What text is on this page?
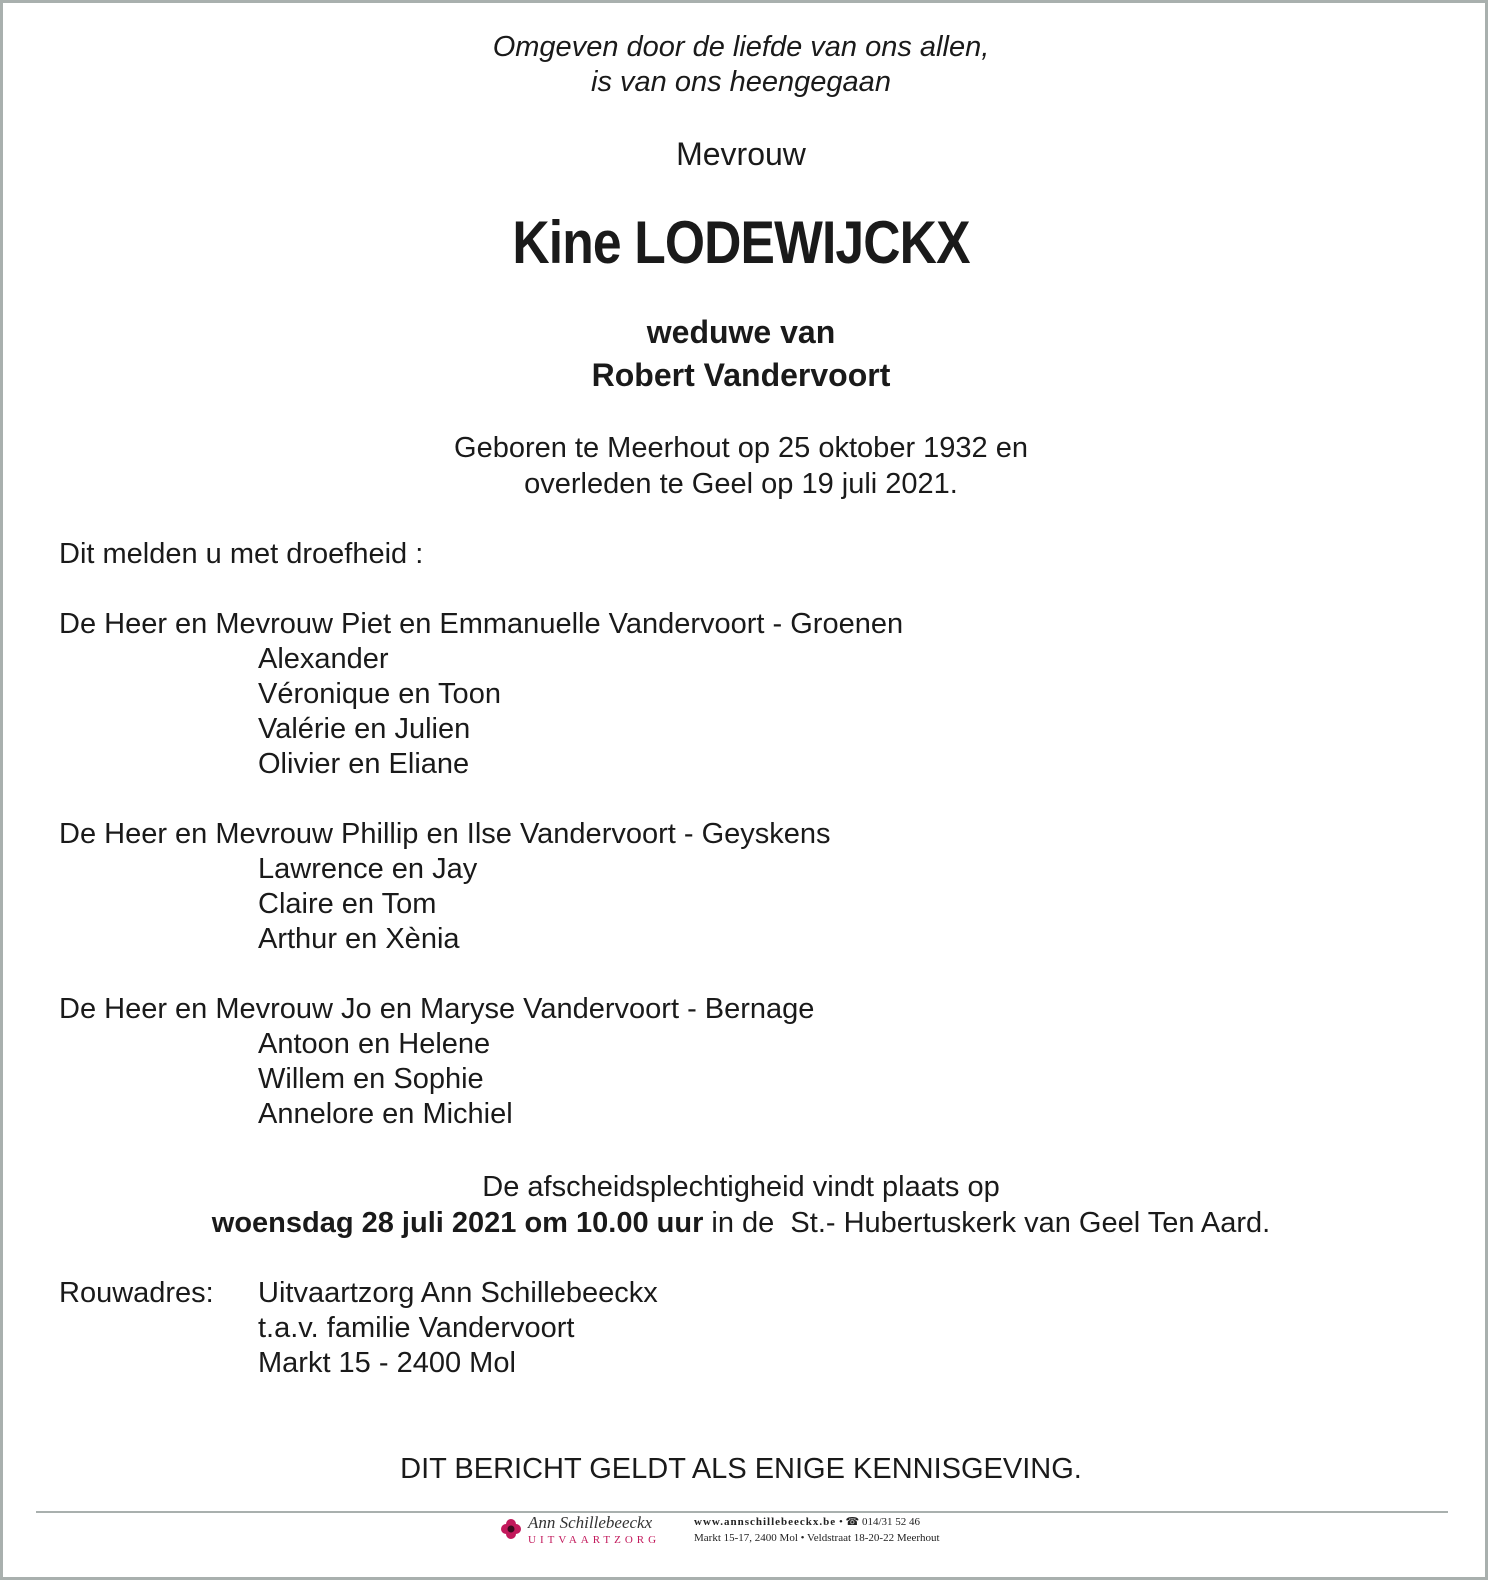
Omgeven door de liefde van ons allen,
is van ons heengegaan
Mevrouw
Kine LODEWIJCKX
weduwe van
Robert Vandervoort
Geboren te Meerhout op 25 oktober 1932 en
overleden te Geel op 19 juli 2021.
Dit melden u met droefheid :
De Heer en Mevrouw Piet en Emmanuelle Vandervoort - Groenen
Alexander
Véronique en Toon
Valérie en Julien
Olivier en Eliane
De Heer en Mevrouw Phillip en Ilse Vandervoort - Geyskens
Lawrence en Jay
Claire en Tom
Arthur en Xènia
De Heer en Mevrouw Jo en Maryse Vandervoort - Bernage
Antoon en Helene
Willem en Sophie
Annelore en Michiel
De afscheidsplechtigheid vindt plaats op
woensdag 28 juli 2021 om 10.00 uur in de  St.- Hubertuskerk van Geel Ten Aard.
Rouwadres: Uitvaartzorg Ann Schillebeeckx
t.a.v. familie Vandervoort
Markt 15 - 2400 Mol
DIT BERICHT GELDT ALS ENIGE KENNISGEVING.
Ann Schillebeeckx
UITVAARTZORG
www.annschillebeeckx.be • ☎ 014/31 52 46
Markt 15-17, 2400 Mol • Veldstraat 18-20-22 Meerhout
